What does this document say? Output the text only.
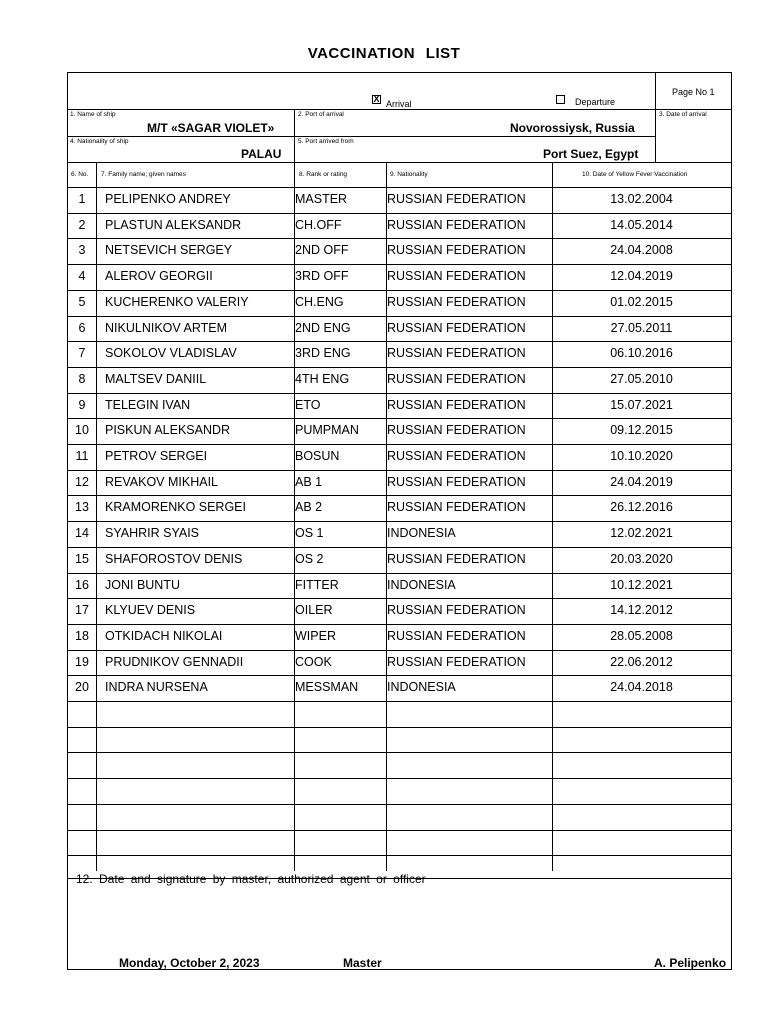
VACCINATION LIST
X Arrival	Departure
Page No 1
1. Name of ship
M/T «SAGAR VIOLET»
2. Port of arrival
Novorossiysk, Russia
3. Date of arrival
4. Nationality of ship
PALAU
5. Port arrived from
Port Suez, Egypt
6. No. 7. Family name; given names	8. Rank or rating	9. Nationality	10. Date of Yellow Fever Vaccination
1	PELIPENKO ANDREY	MASTER	RUSSIAN FEDERATION	13.02.2004
2	PLASTUN ALEKSANDR	CH.OFF	RUSSIAN FEDERATION	14.05.2014
3	NETSEVICH SERGEY	2ND OFF	RUSSIAN FEDERATION	24.04.2008
4	ALEROV GEORGII	3RD OFF	RUSSIAN FEDERATION	12.04.2019
5	KUCHERENKO VALERIY	CH.ENG	RUSSIAN FEDERATION	01.02.2015
6	NIKULNIKOV ARTEM	2ND ENG	RUSSIAN FEDERATION	27.05.2011
7	SOKOLOV VLADISLAV	3RD ENG	RUSSIAN FEDERATION	06.10.2016
8	MALTSEV DANIIL	4TH ENG	RUSSIAN FEDERATION	27.05.2010
9	TELEGIN IVAN	ETO	RUSSIAN FEDERATION	15.07.2021
10	PISKUN ALEKSANDR	PUMPMAN	RUSSIAN FEDERATION	09.12.2015
11	PETROV SERGEI	BOSUN	RUSSIAN FEDERATION	10.10.2020
12	REVAKOV MIKHAIL	AB 1	RUSSIAN FEDERATION	24.04.2019
13	KRAMORENKO SERGEI	AB 2	RUSSIAN FEDERATION	26.12.2016
14	SYAHRIR SYAIS	OS 1	INDONESIA	12.02.2021
15	SHAFOROSTOV DENIS	OS 2	RUSSIAN FEDERATION	20.03.2020
16	JONI BUNTU	FITTER	INDONESIA	10.12.2021
17	KLYUEV DENIS	OILER	RUSSIAN FEDERATION	14.12.2012
18	OTKIDACH NIKOLAI	WIPER	RUSSIAN FEDERATION	28.05.2008
19	PRUDNIKOV GENNADII	COOK	RUSSIAN FEDERATION	22.06.2012
20	INDRA NURSENA	MESSMAN	INDONESIA	24.04.2018
12. Date and signature by master, authorized agent or officer
Monday, October 2, 2023	Master	A. Pelipenko
